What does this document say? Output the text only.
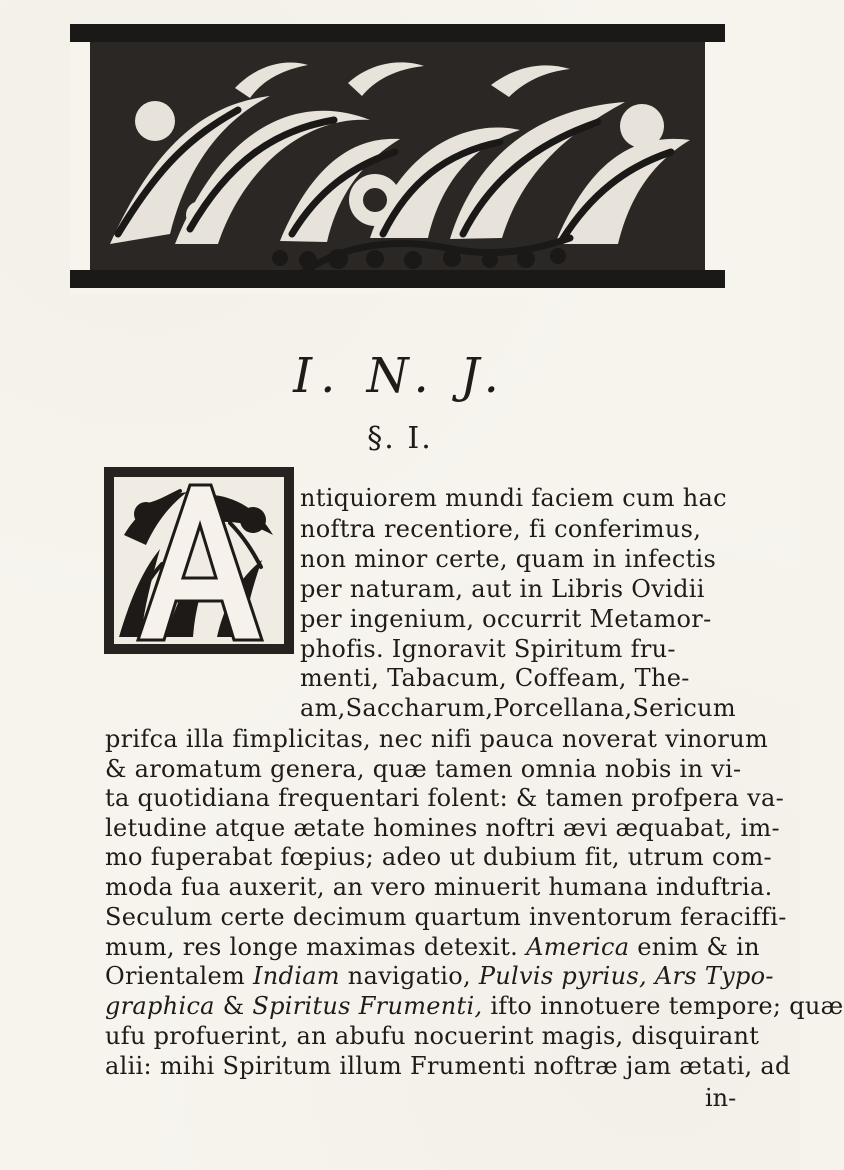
I. N. J.
§. I.
ntiquiorem mundi faciem cum hac
noftra recentiore, fi conferimus,
non minor certe, quam in infectis
per naturam, aut in Libris Ovidii
per ingenium, occurrit Metamor-
phofis. Ignoravit Spiritum fru-
menti, Tabacum, Coffeam, The-
am,Saccharum,Porcellana,Sericum
prifca illa fimplicitas, nec nifi pauca noverat vinorum
& aromatum genera, quæ tamen omnia nobis in vi-
ta quotidiana frequentari folent: & tamen profpera va-
letudine atque ætate homines noftri ævi æquabat, im-
mo fuperabat fœpius; adeo ut dubium fit, utrum com-
moda fua auxerit, an vero minuerit humana induftria.
Seculum certe decimum quartum inventorum feraciffi-
mum, res longe maximas detexit. America enim & in
Orientalem Indiam navigatio, Pulvis pyrius, Ars Typo-
graphica & Spiritus Frumenti, ifto innotuere tempore; quæ
ufu profuerint, an abufu nocuerint magis, disquirant
alii: mihi Spiritum illum Frumenti noftræ jam ætati, ad
in-
